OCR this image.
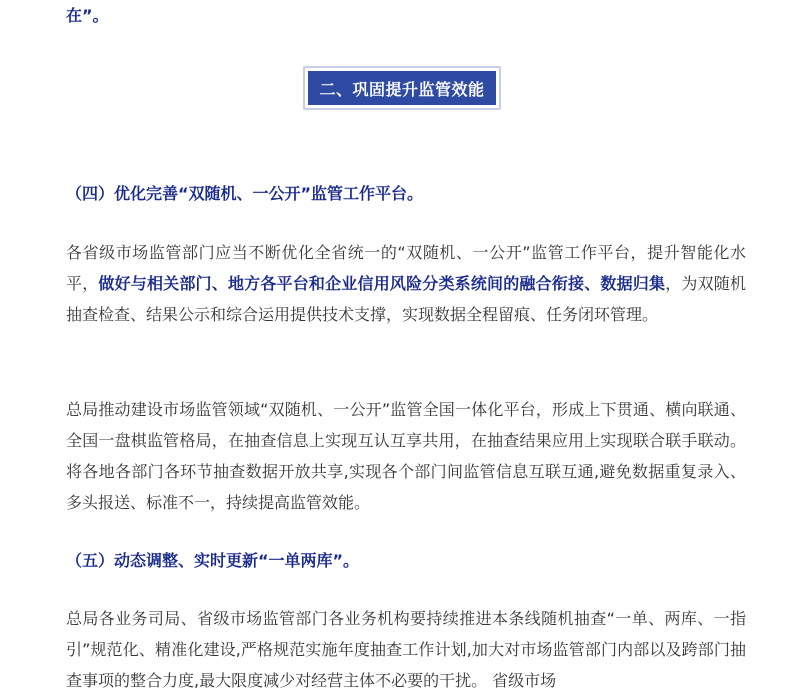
在”。

二、巩固提升监管效能
（四）优化完善“双随机、一公开”监管工作平台。

各省级市场监管部门应当不断优化全省统一的“双随机、一公开”监管工作平台，提升智能化水平，做好与相关部门、地方各平台和企业信用风险分类系统间的融合衔接、数据归集，为双随机抽查检查、结果公示和综合运用提供技术支撑，实现数据全程留痕、任务闭环管理。

总局推动建设市场监管领域“双随机、一公开”监管全国一体化平台，形成上下贯通、横向联通、全国一盘棋监管格局，在抽查信息上实现互认互享共用，在抽查结果应用上实现联合联手联动。将各地各部门各环节抽查数据开放共享,实现各个部门间监管信息互联互通,避免数据重复录入、多头报送、标准不一，持续提高监管效能。

（五）动态调整、实时更新“一单两库”。

总局各业务司局、省级市场监管部门各业务机构要持续推进本条线随机抽查“一单、两库、一指引”规范化、精准化建设,严格规范实施年度抽查工作计划,加大对市场监管部门内部以及跨部门抽查事项的整合力度,最大限度减少对经营主体不必要的干扰。 省级市场
